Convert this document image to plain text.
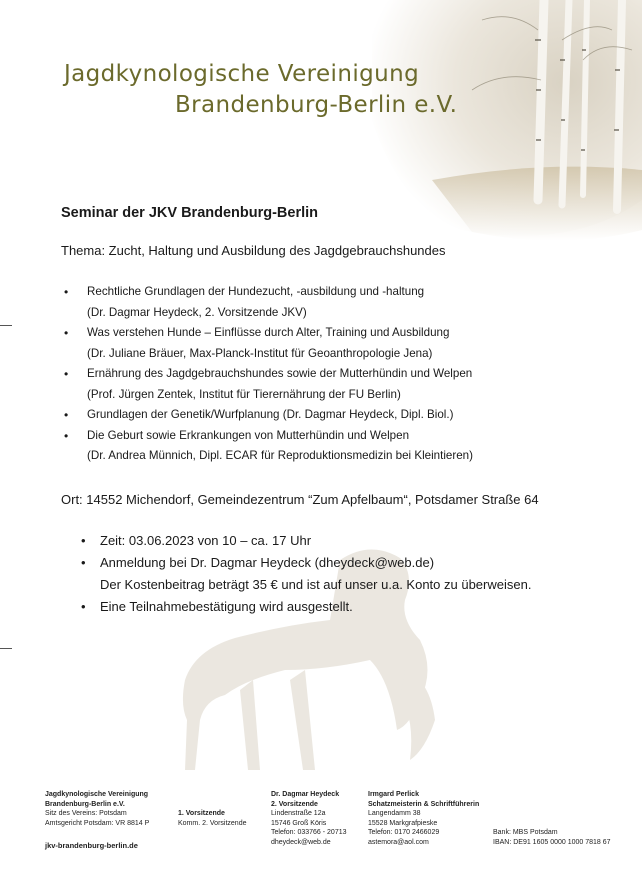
Jagdkynologische Vereinigung
Brandenburg-Berlin e.V.
Seminar der JKV Brandenburg-Berlin
Thema: Zucht, Haltung und Ausbildung des Jagdgebrauchshundes
• Rechtliche Grundlagen der Hundezucht, -ausbildung und -haltung
(Dr. Dagmar Heydeck, 2. Vorsitzende JKV)
• Was verstehen Hunde – Einflüsse durch Alter, Training und Ausbildung
(Dr. Juliane Bräuer, Max-Planck-Institut für Geoanthropologie Jena)
• Ernährung des Jagdgebrauchshundes sowie der Mutterhündin und Welpen
(Prof. Jürgen Zentek, Institut für Tierernährung der FU Berlin)
• Grundlagen der Genetik/Wurfplanung (Dr. Dagmar Heydeck, Dipl. Biol.)
• Die Geburt sowie Erkrankungen von Mutterhündin und Welpen
(Dr. Andrea Münnich, Dipl. ECAR für Reproduktionsmedizin bei Kleintieren)
Ort: 14552 Michendorf, Gemeindezentrum “Zum Apfelbaum“, Potsdamer Straße 64
• Zeit: 03.06.2023 von 10 – ca. 17 Uhr
• Anmeldung bei Dr. Dagmar Heydeck (dheydeck@web.de)
Der Kostenbeitrag beträgt 35 € und ist auf unser u.a. Konto zu überweisen.
• Eine Teilnahmebestätigung wird ausgestellt.
Jagdkynologische Vereinigung
Brandenburg-Berlin e.V.
Sitz des Vereins: Potsdam
Amtsgericht Potsdam: VR 8814 P
1. Vorsitzende
Komm. 2. Vorsitzende
Dr. Dagmar Heydeck
2. Vorsitzende
Lindenstraße 12a
15746 Groß Köris
Telefon: 033766 - 20713
dheydeck@web.de
Irmgard Perlick
Schatzmeisterin & Schriftführerin
Langendamm 38
15528 Markgrafpieske
Telefon: 0170 2466029
astemora@aol.com
Bank: MBS Potsdam
IBAN: DE91 1605 0000 1000 7818 67
jkv-brandenburg-berlin.de
